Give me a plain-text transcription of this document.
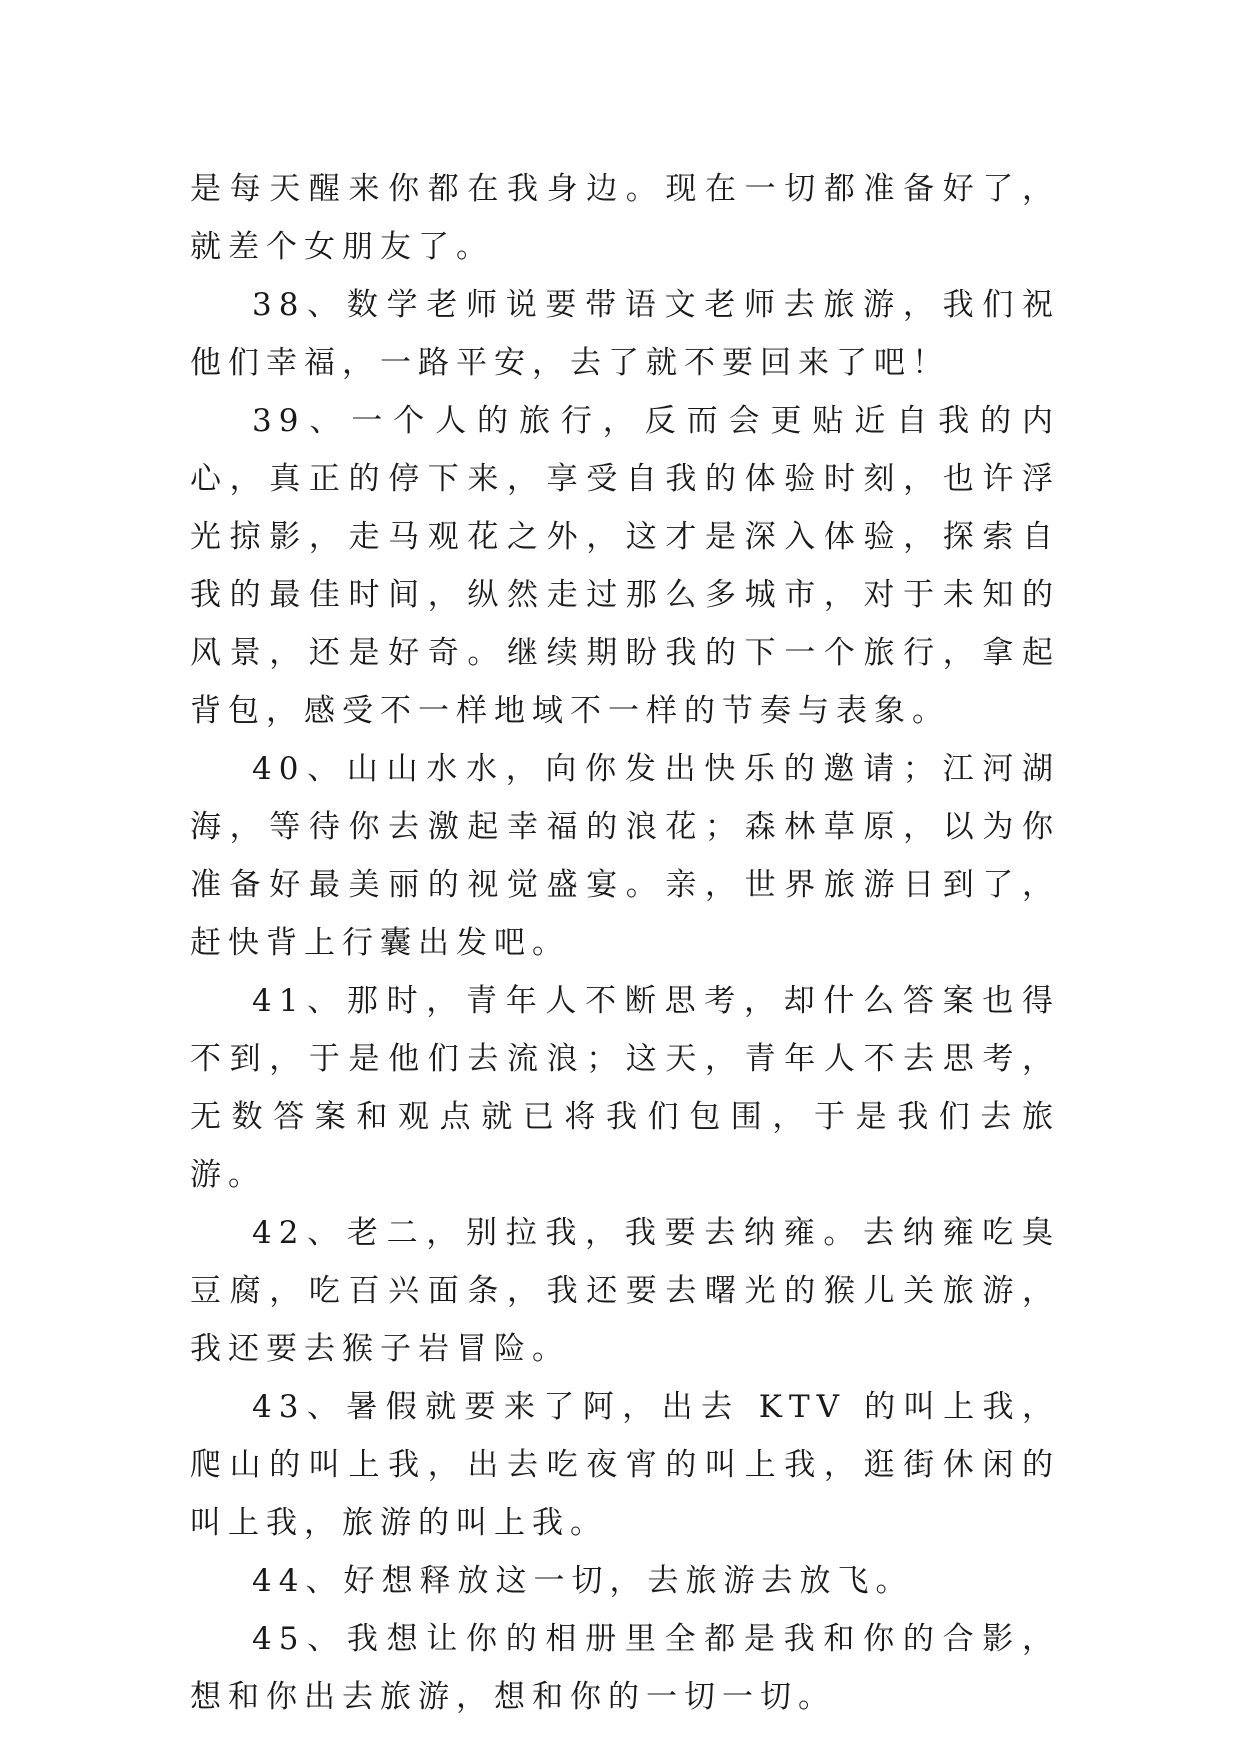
是每天醒来你都在我身边。现在一切都准备好了，就差个女朋友了。

38、数学老师说要带语文老师去旅游，我们祝他们幸福，一路平安，去了就不要回来了吧！

39、一个人的旅行，反而会更贴近自我的内心，真正的停下来，享受自我的体验时刻，也许浮光掠影，走马观花之外，这才是深入体验，探索自我的最佳时间，纵然走过那么多城市，对于未知的风景，还是好奇。继续期盼我的下一个旅行，拿起背包，感受不一样地域不一样的节奏与表象。

40、山山水水，向你发出快乐的邀请；江河湖海，等待你去激起幸福的浪花；森林草原，以为你准备好最美丽的视觉盛宴。亲，世界旅游日到了，赶快背上行囊出发吧。

41、那时，青年人不断思考，却什么答案也得不到，于是他们去流浪；这天，青年人不去思考，无数答案和观点就已将我们包围，于是我们去旅游。

42、老二，别拉我，我要去纳雍。去纳雍吃臭豆腐，吃百兴面条，我还要去曙光的猴儿关旅游，我还要去猴子岩冒险。

43、暑假就要来了阿，出去 KTV 的叫上我，爬山的叫上我，出去吃夜宵的叫上我，逛街休闲的叫上我，旅游的叫上我。

44、好想释放这一切，去旅游去放飞。

45、我想让你的相册里全都是我和你的合影，想和你出去旅游，想和你的一切一切。
